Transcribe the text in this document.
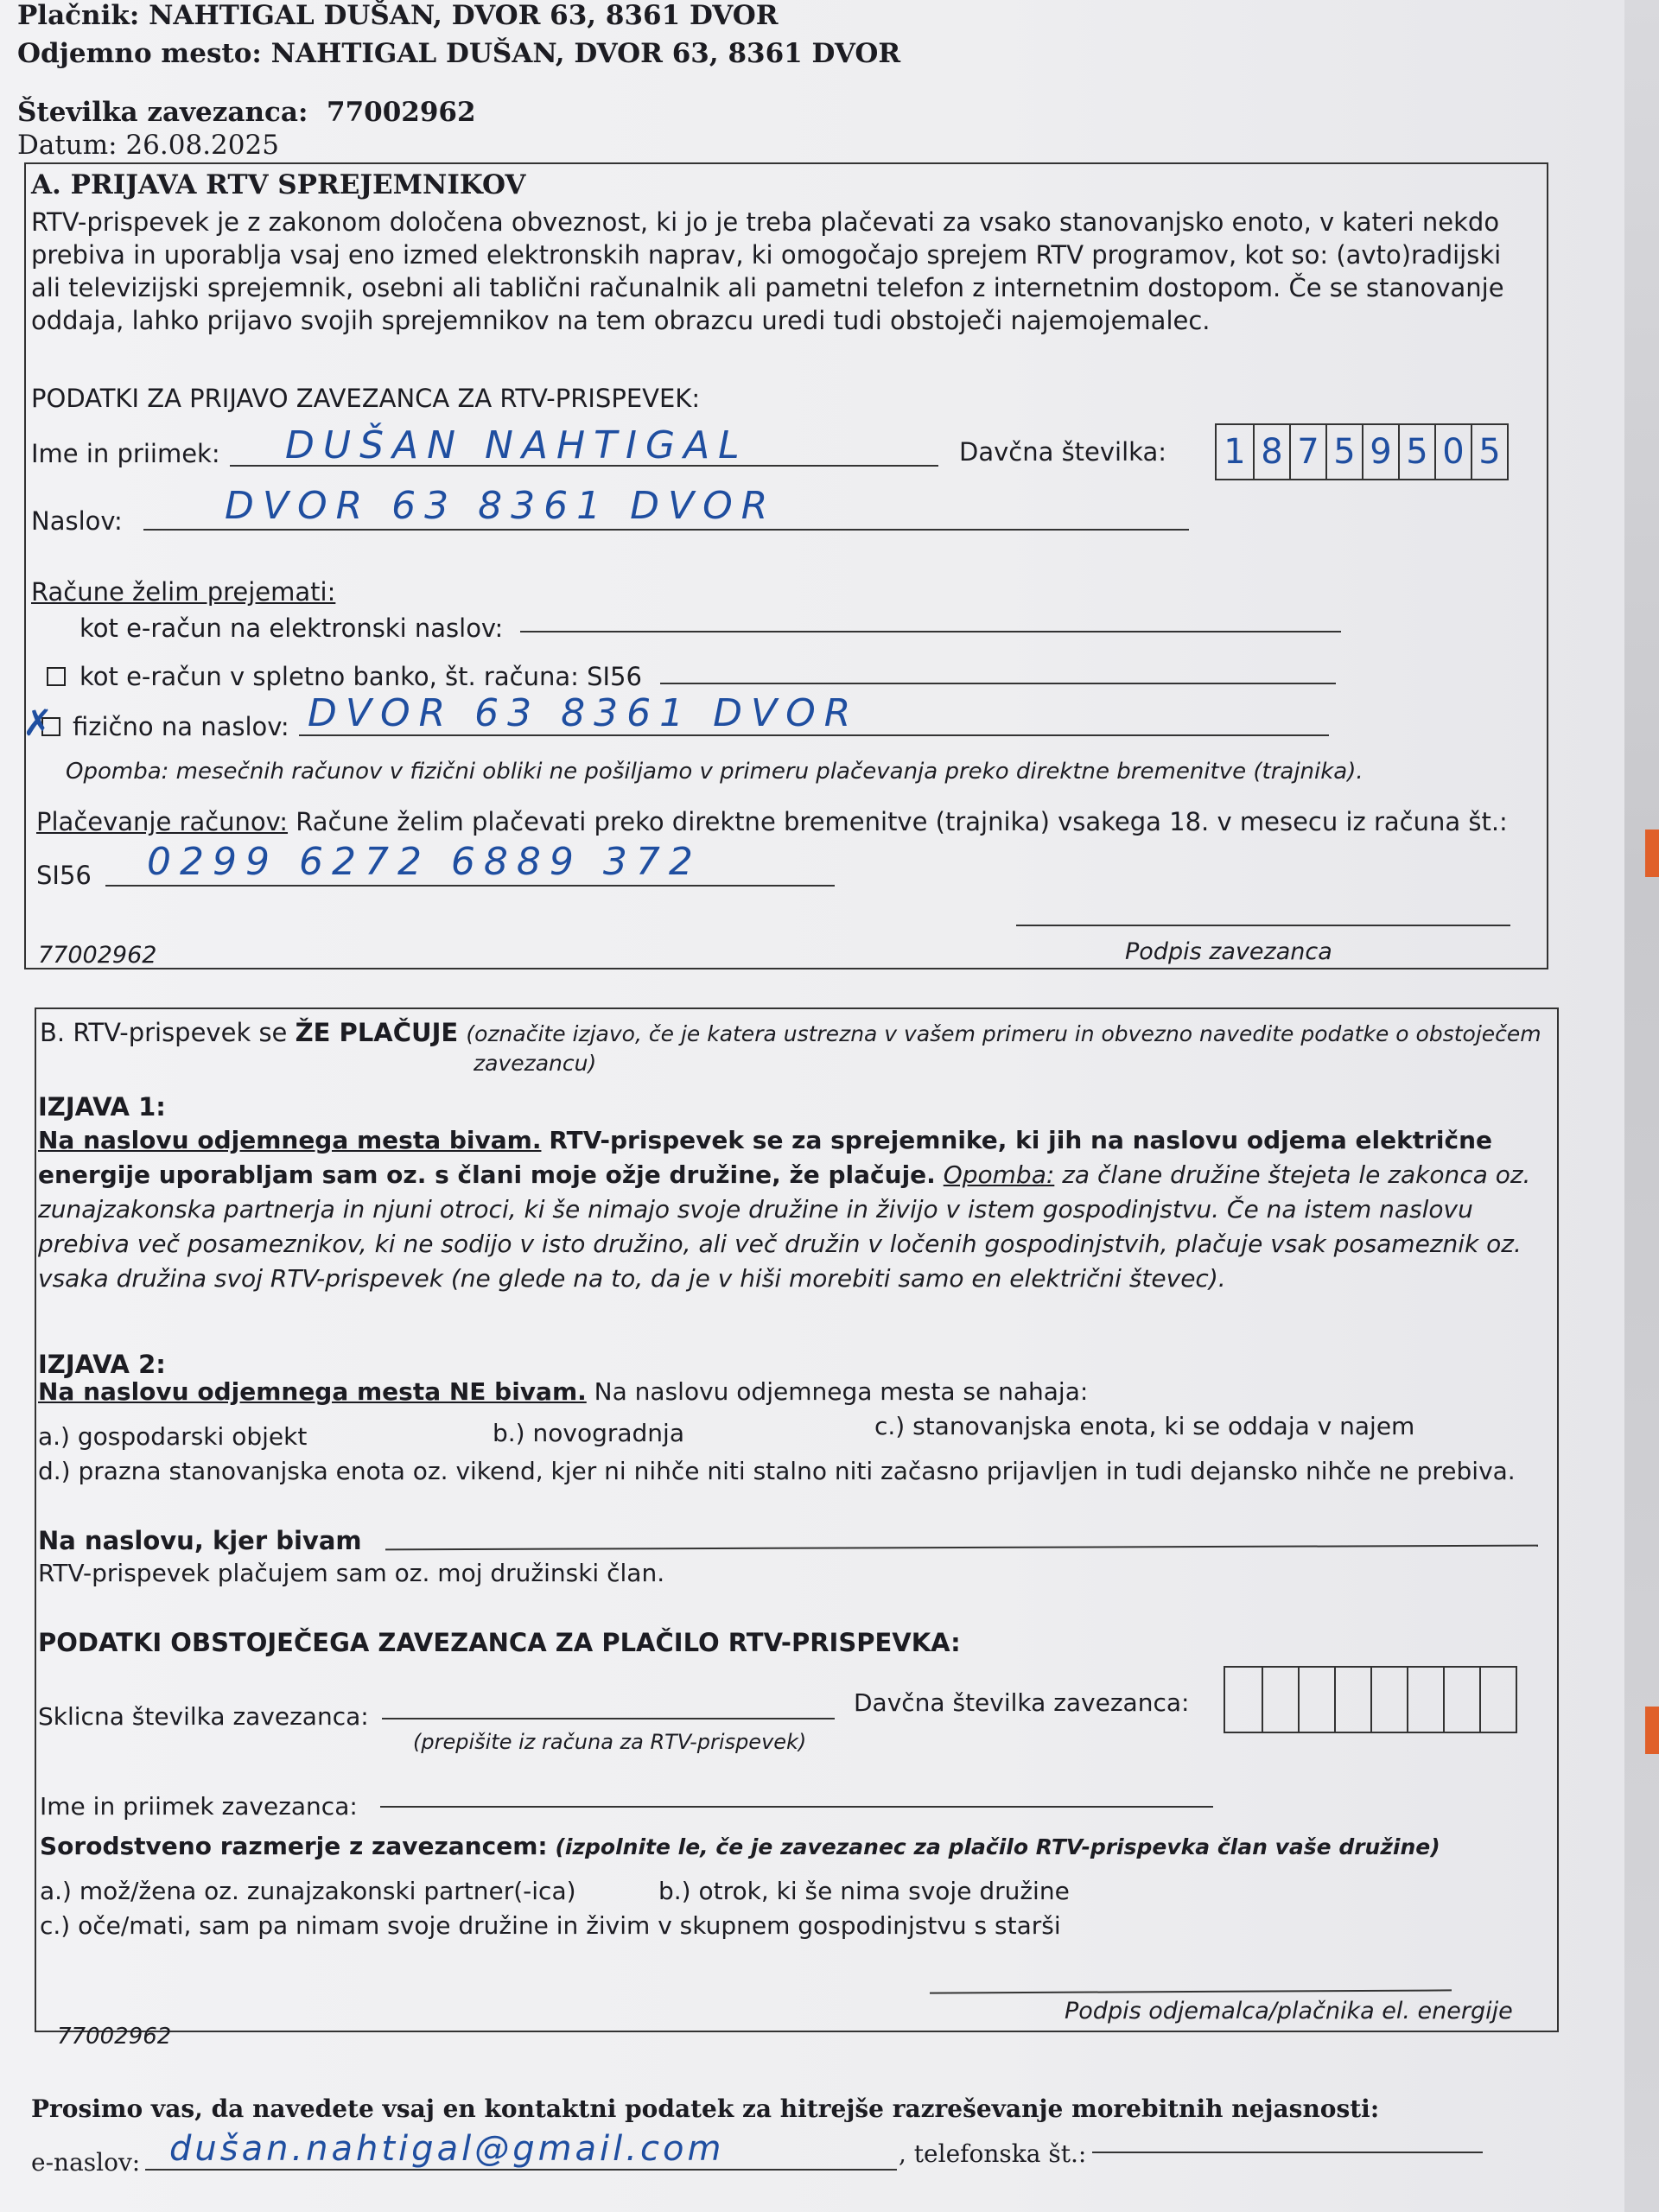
Plačnik: NAHTIGAL DUŠAN, DVOR 63, 8361 DVOR
Odjemno mesto: NAHTIGAL DUŠAN, DVOR 63, 8361 DVOR
Številka zavezanca: 77002962
Datum: 26.08.2025
A. PRIJAVA RTV SPREJEMNIKOV
RTV-prispevek je z zakonom določena obveznost, ki jo je treba plačevati za vsako stanovanjsko enoto, v kateri nekdo
prebiva in uporablja vsaj eno izmed elektronskih naprav, ki omogočajo sprejem RTV programov, kot so: (avto)radijski
ali televizijski sprejemnik, osebni ali tablični računalnik ali pametni telefon z internetnim dostopom. Če se stanovanje
oddaja, lahko prijavo svojih sprejemnikov na tem obrazcu uredi tudi obstoječi najemojemalec.
PODATKI ZA PRIJAVO ZAVEZANCA ZA RTV-PRISPEVEK:
Ime in priimek: DUŠAN NAHTIGAL	Davčna številka: 1 8 7 5 9 5 0 5
Naslov:	DVOR 63 8361 DVOR
Račune želim prejemati:
kot e-račun na elektronski naslov:
kot e-račun v spletno banko, št. računa: SI56
✗ fizično na naslov: DVOR 63 8361 DVOR
Opomba: mesečnih računov v fizični obliki ne pošiljamo v primeru plačevanja preko direktne bremenitve (trajnika).
Plačevanje računov: Račune želim plačevati preko direktne bremenitve (trajnika) vsakega 18. v mesecu iz računa št.:
SI56 0299 6272 6889 372
77002962	Podpis zavezanca
B. RTV-prispevek se ŽE PLAČUJE (označite izjavo, če je katera ustrezna v vašem primeru in obvezno navedite podatke o obstoječem
zavezancu)
IZJAVA 1:
Na naslovu odjemnega mesta bivam. RTV-prispevek se za sprejemnike, ki jih na naslovu odjema električne
energije uporabljam sam oz. s člani moje ožje družine, že plačuje. Opomba: za člane družine štejeta le zakonca oz.
zunajzakonska partnerja in njuni otroci, ki še nimajo svoje družine in živijo v istem gospodinjstvu. Če na istem naslovu
prebiva več posameznikov, ki ne sodijo v isto družino, ali več družin v ločenih gospodinjstvih, plačuje vsak posameznik oz.
vsaka družina svoj RTV-prispevek (ne glede na to, da je v hiši morebiti samo en električni števec).
IZJAVA 2:
Na naslovu odjemnega mesta NE bivam. Na naslovu odjemnega mesta se nahaja:
a.) gospodarski objekt	b.) novogradnja	c.) stanovanjska enota, ki se oddaja v najem
d.) prazna stanovanjska enota oz. vikend, kjer ni nihče niti stalno niti začasno prijavljen in tudi dejansko nihče ne prebiva.
Na naslovu, kjer bivam
RTV-prispevek plačujem sam oz. moj družinski član.
PODATKI OBSTOJEČEGA ZAVEZANCA ZA PLAČILO RTV-PRISPEVKA:
Sklicna številka zavezanca:
(prepišite iz računa za RTV-prispevek)
Davčna številka zavezanca:
Ime in priimek zavezanca:
Sorodstveno razmerje z zavezancem: (izpolnite le, če je zavezanec za plačilo RTV-prispevka član vaše družine)
a.) mož/žena oz. zunajzakonski partner(-ica)	b.) otrok, ki še nima svoje družine
c.) oče/mati, sam pa nimam svoje družine in živim v skupnem gospodinjstvu s starši
77002962
Podpis odjemalca/plačnika el. energije
Prosimo vas, da navedete vsaj en kontaktni podatek za hitrejše razreševanje morebitnih nejasnosti:
e-naslov: dušan.nahtigal@gmail.com	, telefonska št.:
